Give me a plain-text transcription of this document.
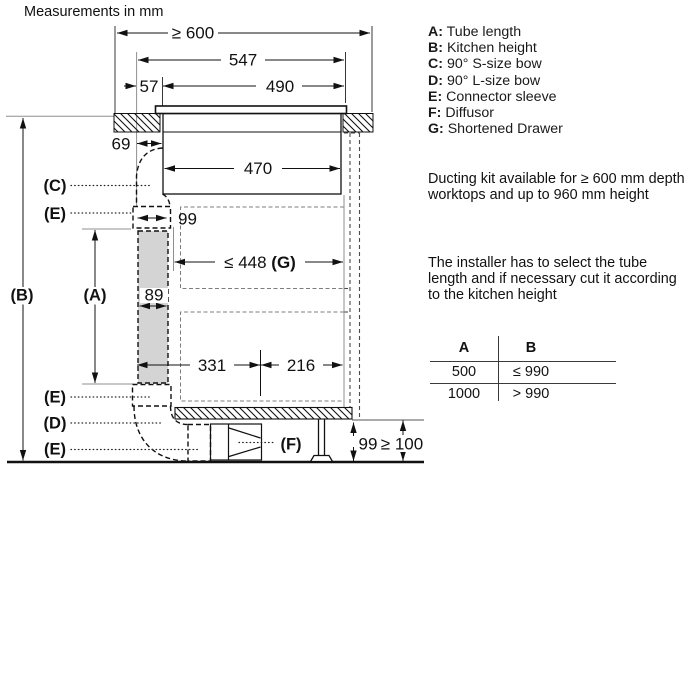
Measurements in mm
≥ 600
547
57	490
69
470
99
≤ 448 (G)
89
331	216
99 ≥ 100
(B)	(A)
(C)
(E)
(E)
(D)
(E)	(F)
A: Tube length
B: Kitchen height
C: 90° S-size bow
D: 90° L-size bow
E: Connector sleeve
F: Diffusor
G: Shortened Drawer
Ducting kit available for ≥ 600 mm depth worktops and up to 960 mm height
The installer has to select the tube length and if necessary cut it according to the kitchen height
A	B
500	≤ 990
1000	> 990
